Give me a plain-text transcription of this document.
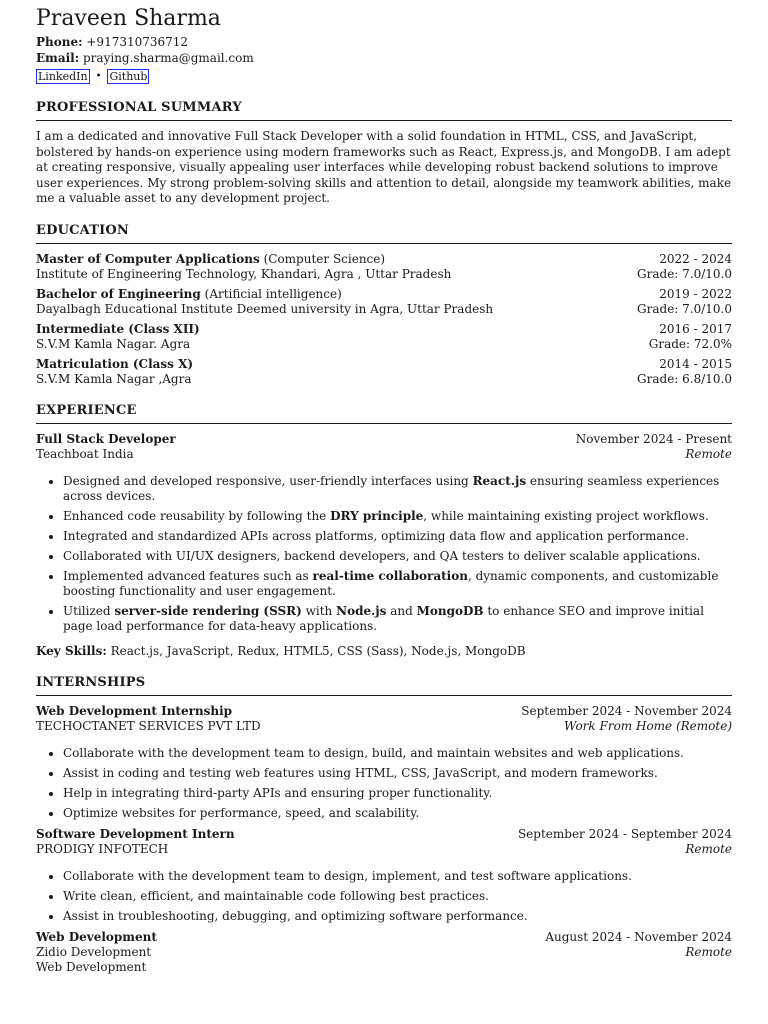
Praveen Sharma
Phone: +917310736712
Email: praying.sharma@gmail.com
LinkedIn • Github
PROFESSIONAL SUMMARY
I am a dedicated and innovative Full Stack Developer with a solid foundation in HTML, CSS, and JavaScript, bolstered by hands-on experience using modern frameworks such as React, Express.js, and MongoDB. I am adept at creating responsive, visually appealing user interfaces while developing robust backend solutions to improve user experiences. My strong problem-solving skills and attention to detail, alongside my teamwork abilities, make me a valuable asset to any development project.
EDUCATION
Master of Computer Applications (Computer Science)	2022 - 2024
Institute of Engineering Technology, Khandari, Agra , Uttar Pradesh	Grade: 7.0/10.0
Bachelor of Engineering (Artificial intelligence)	2019 - 2022
Dayalbagh Educational Institute Deemed university in Agra, Uttar Pradesh	Grade: 7.0/10.0
Intermediate (Class XII)	2016 - 2017
S.V.M Kamla Nagar. Agra	Grade: 72.0%
Matriculation (Class X)	2014 - 2015
S.V.M Kamla Nagar ,Agra	Grade: 6.8/10.0
EXPERIENCE
Full Stack Developer	November 2024 - Present
Teachboat India	Remote
• Designed and developed responsive, user-friendly interfaces using React.js ensuring seamless experiences across devices.
• Enhanced code reusability by following the DRY principle, while maintaining existing project workflows.
• Integrated and standardized APIs across platforms, optimizing data flow and application performance.
• Collaborated with UI/UX designers, backend developers, and QA testers to deliver scalable applications.
• Implemented advanced features such as real-time collaboration, dynamic components, and customizable boosting functionality and user engagement.
• Utilized server-side rendering (SSR) with Node.js and MongoDB to enhance SEO and improve initial page load performance for data-heavy applications.
Key Skills: React.js, JavaScript, Redux, HTML5, CSS (Sass), Node.js, MongoDB
INTERNSHIPS
Web Development Internship	September 2024 - November 2024
TECHOCTANET SERVICES PVT LTD	Work From Home (Remote)
• Collaborate with the development team to design, build, and maintain websites and web applications.
• Assist in coding and testing web features using HTML, CSS, JavaScript, and modern frameworks.
• Help in integrating third-party APIs and ensuring proper functionality.
• Optimize websites for performance, speed, and scalability.
Software Development Intern	September 2024 - September 2024
PRODIGY INFOTECH	Remote
• Collaborate with the development team to design, implement, and test software applications.
• Write clean, efficient, and maintainable code following best practices.
• Assist in troubleshooting, debugging, and optimizing software performance.
Web Development	August 2024 - November 2024
Zidio Development	Remote
Web Development
